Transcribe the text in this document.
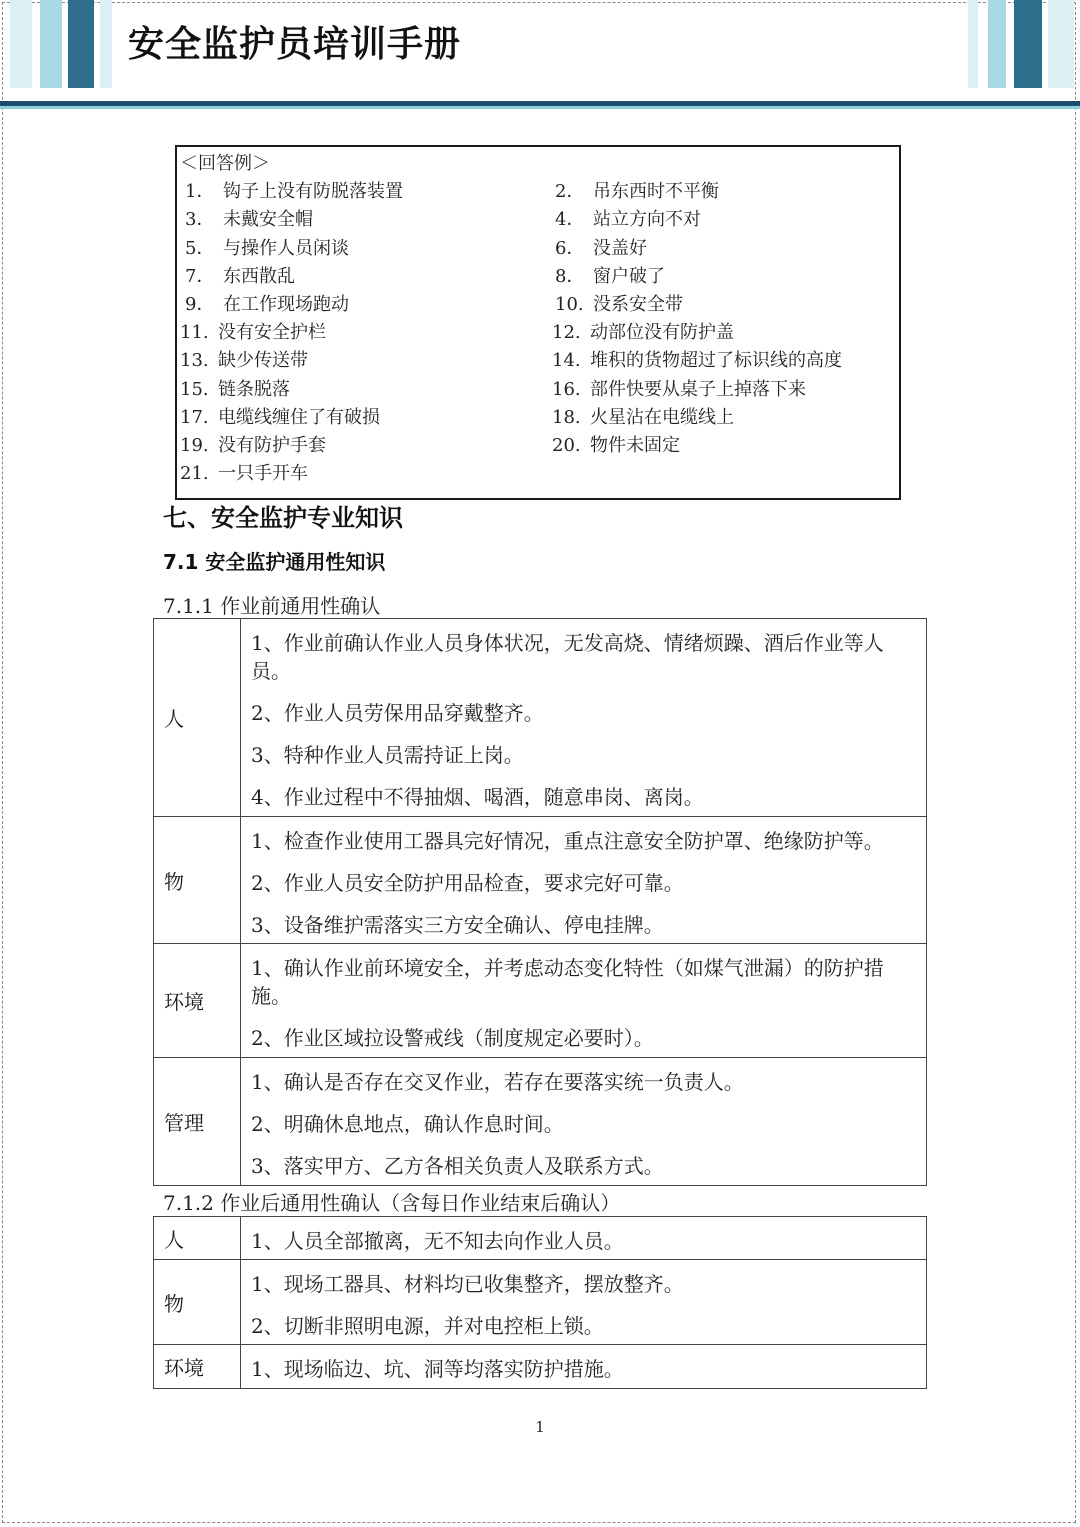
安全监护员培训手册
＜回答例＞
1． 钩子上没有防脱落装置	2． 吊东西时不平衡
3． 未戴安全帽	4． 站立方向不对
5． 与操作人员闲谈	6． 没盖好
7． 东西散乱	8． 窗户破了
9． 在工作现场跑动	10. 没系安全带
11. 没有安全护栏	12. 动部位没有防护盖
13. 缺少传送带	14. 堆积的货物超过了标识线的高度
15. 链条脱落	16. 部件快要从桌子上掉落下来
17. 电缆线缠住了有破损	18. 火星沾在电缆线上
19. 没有防护手套	20. 物件未固定
21. 一只手开车
七、安全监护专业知识
7.1 安全监护通用性知识
7.1.1 作业前通用性确认
人	1、作业前确认作业人员身体状况，无发高烧、情绪烦躁、酒后作业等人员。
2、作业人员劳保用品穿戴整齐。
3、特种作业人员需持证上岗。
4、作业过程中不得抽烟、喝酒，随意串岗、离岗。

物	1、检查作业使用工器具完好情况，重点注意安全防护罩、绝缘防护等。
2、作业人员安全防护用品检查，要求完好可靠。
3、设备维护需落实三方安全确认、停电挂牌。

环境	1、确认作业前环境安全，并考虑动态变化特性（如煤气泄漏）的防护措施。
2、作业区域拉设警戒线（制度规定必要时）。

管理	1、确认是否存在交叉作业，若存在要落实统一负责人。
2、明确休息地点，确认作息时间。
3、落实甲方、乙方各相关负责人及联系方式。
7.1.2 作业后通用性确认（含每日作业结束后确认）
人	1、人员全部撤离，无不知去向作业人员。

物	1、现场工器具、材料均已收集整齐，摆放整齐。
2、切断非照明电源，并对电控柜上锁。

环境	1、现场临边、坑、洞等均落实防护措施。
1
